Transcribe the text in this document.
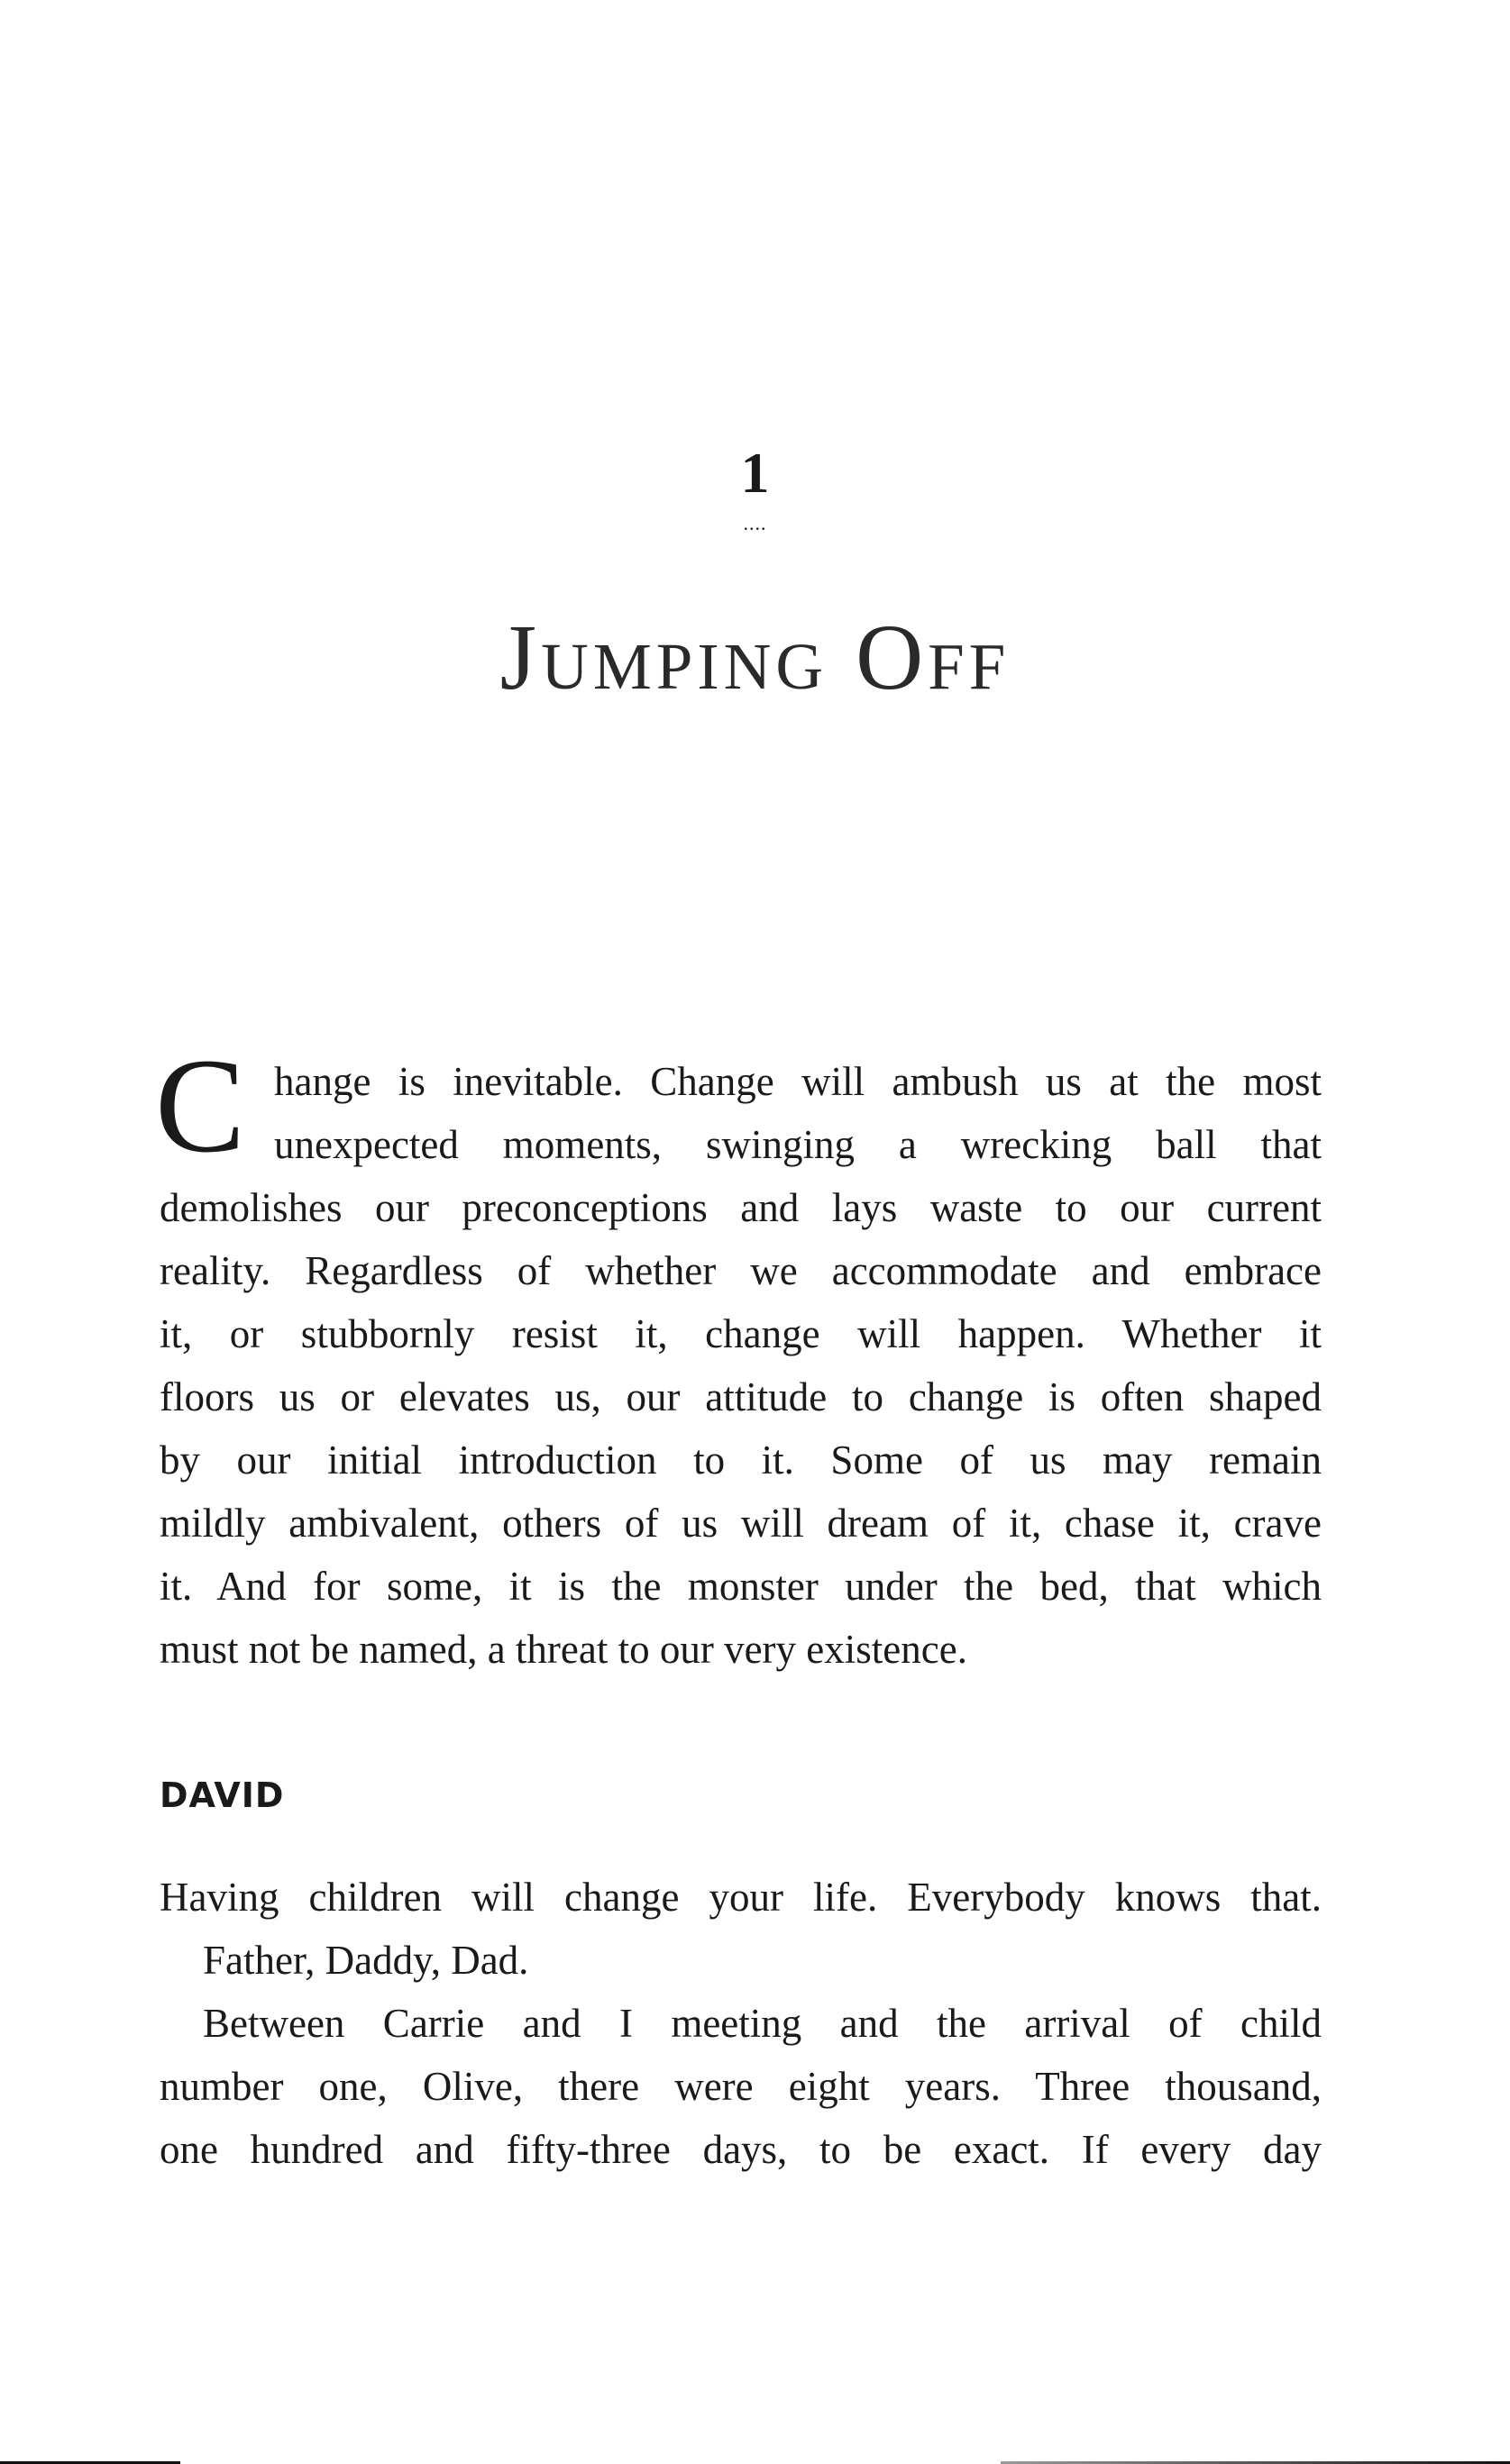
1
....
Jumping Off
C hange is inevitable. Change will ambush us at the most
unexpected moments, swinging a wrecking ball that
demolishes our preconceptions and lays waste to our current
reality. Regardless of whether we accommodate and embrace
it, or stubbornly resist it, change will happen. Whether it
floors us or elevates us, our attitude to change is often shaped
by our initial introduction to it. Some of us may remain
mildly ambivalent, others of us will dream of it, chase it, crave
it. And for some, it is the monster under the bed, that which
must not be named, a threat to our very existence.
DAVID
Having children will change your life. Everybody knows that.
Father, Daddy, Dad.
Between Carrie and I meeting and the arrival of child
number one, Olive, there were eight years. Three thousand,
one hundred and fifty-three days, to be exact. If every day
